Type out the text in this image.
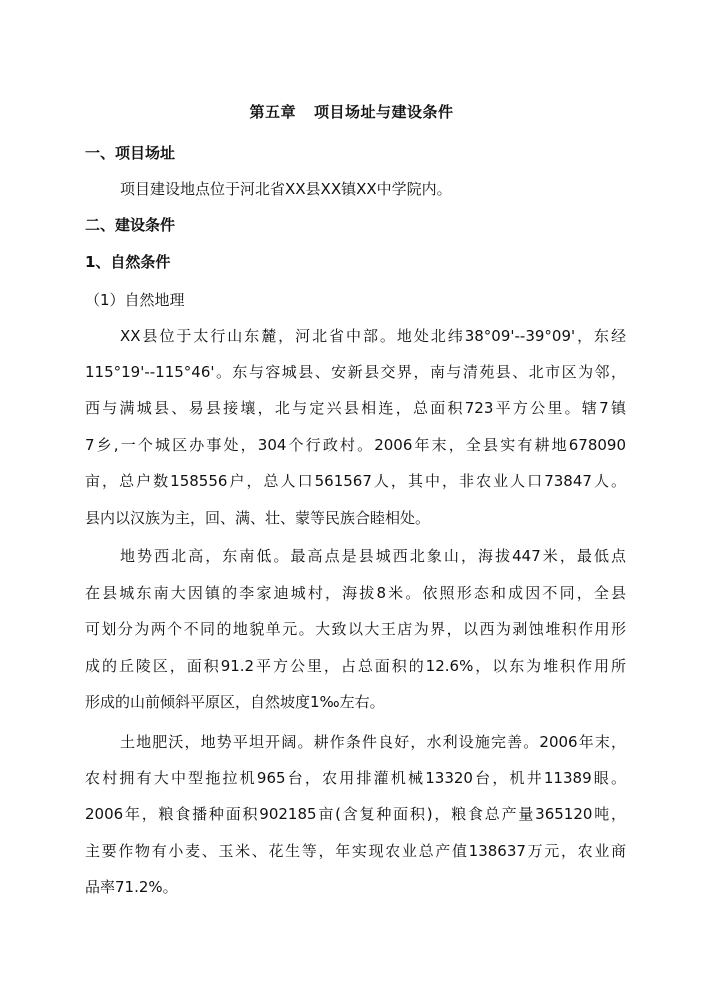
第五章 项目场址与建设条件
一、项目场址
项目建设地点位于河北省XX县XX镇XX中学院内。
二、建设条件
1、自然条件
（1）自然地理
XX县位于太行山东麓，河北省中部。地处北纬38°09'--39°09'，东经
115°19'--115°46'。东与容城县、安新县交界，南与清苑县、北市区为邻，
西与满城县、易县接壤，北与定兴县相连，总面积723平方公里。辖7镇
7乡,一个城区办事处，304个行政村。2006年末，全县实有耕地678090
亩，总户数158556户，总人口561567人，其中，非农业人口73847人。
县内以汉族为主，回、满、壮、蒙等民族合睦相处。
地势西北高，东南低。最高点是县城西北象山，海拔447米，最低点
在县城东南大因镇的李家迪城村，海拔8米。依照形态和成因不同，全县
可划分为两个不同的地貌单元。大致以大王店为界，以西为剥蚀堆积作用形
成的丘陵区，面积91.2平方公里，占总面积的12.6%，以东为堆积作用所
形成的山前倾斜平原区，自然坡度1‰左右。
土地肥沃，地势平坦开阔。耕作条件良好，水利设施完善。2006年末，
农村拥有大中型拖拉机965台，农用排灌机械13320台，机井11389眼。
2006年，粮食播种面积902185亩(含复种面积)，粮食总产量365120吨，
主要作物有小麦、玉米、花生等，年实现农业总产值138637万元，农业商
品率71.2%。
